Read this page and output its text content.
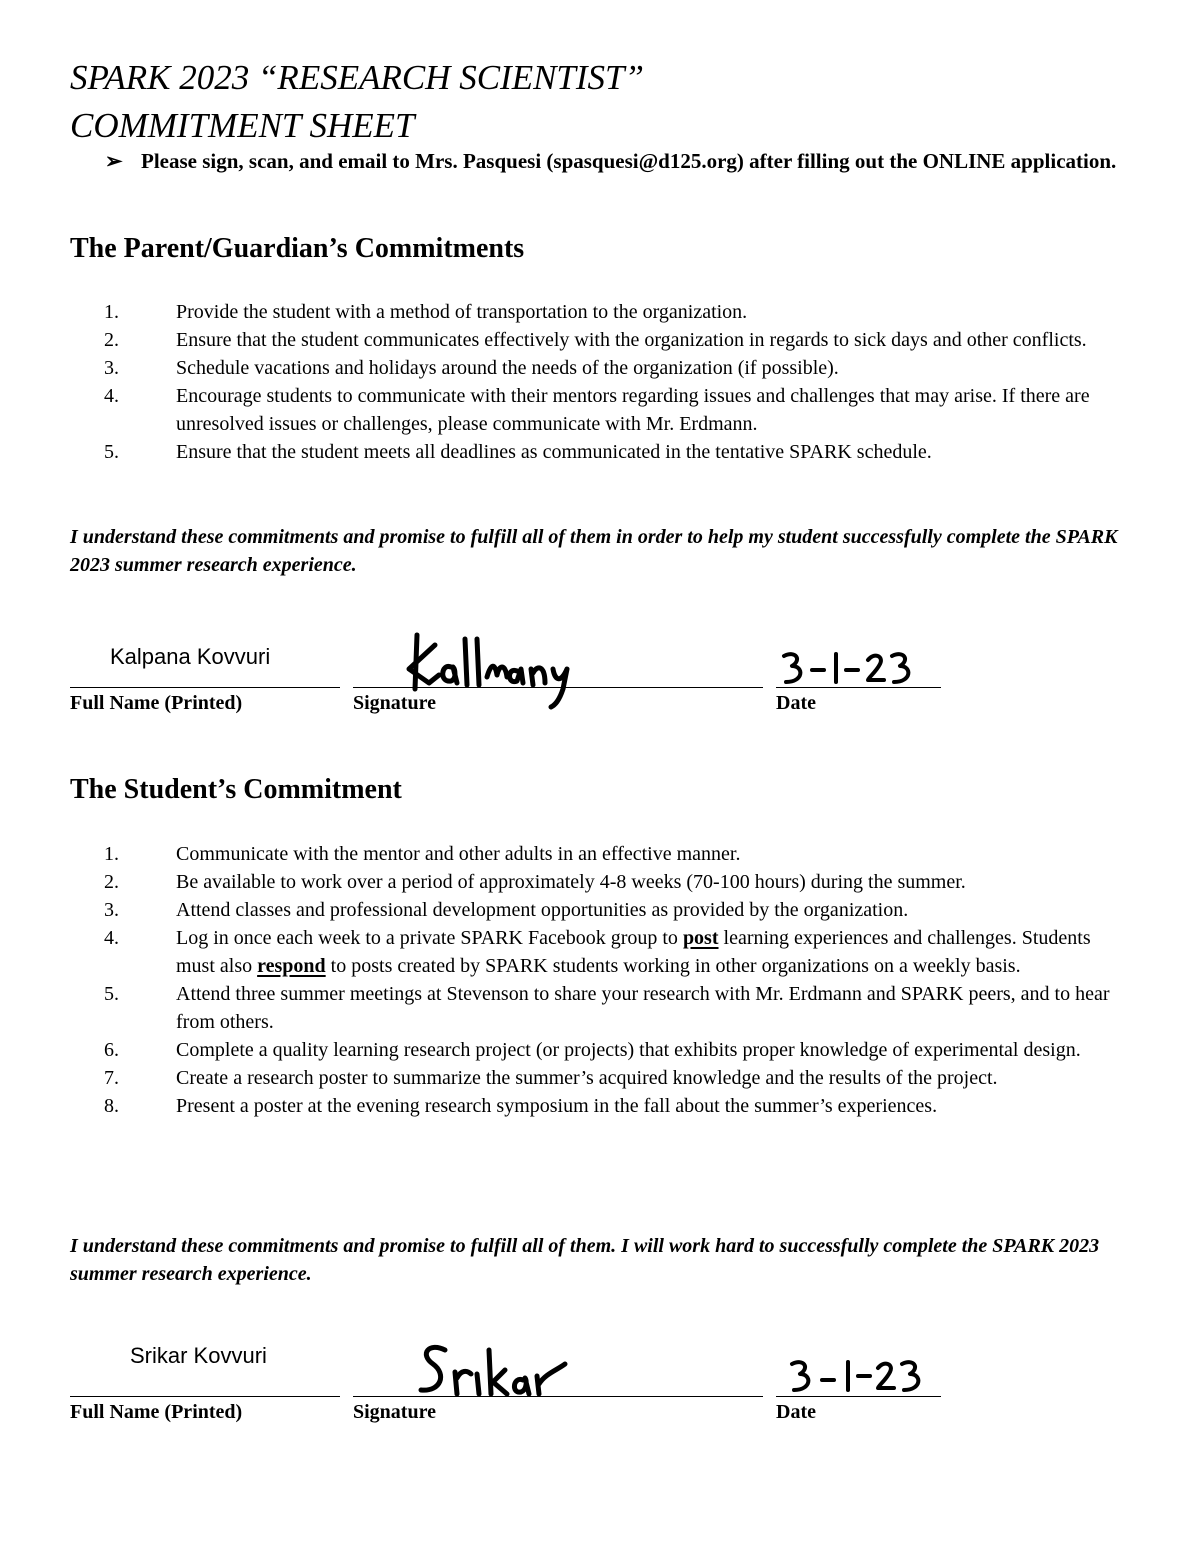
SPARK 2023 “RESEARCH SCIENTIST”
COMMITMENT SHEET
➢ Please sign, scan, and email to Mrs. Pasquesi (spasquesi@d125.org) after filling out the ONLINE application.
The Parent/Guardian’s Commitments
1.	Provide the student with a method of transportation to the organization.
2.	Ensure that the student communicates effectively with the organization in regards to sick days and other conflicts.
3.	Schedule vacations and holidays around the needs of the organization (if possible).
4.	Encourage students to communicate with their mentors regarding issues and challenges that may arise. If there are unresolved issues or challenges, please communicate with Mr. Erdmann.
5.	Ensure that the student meets all deadlines as communicated in the tentative SPARK schedule.
I understand these commitments and promise to fulfill all of them in order to help my student successfully complete the SPARK 2023 summer research experience.
Kalpana Kovvuri
Full Name (Printed)	Signature	Date
The Student’s Commitment
1.	Communicate with the mentor and other adults in an effective manner.
2.	Be available to work over a period of approximately 4-8 weeks (70-100 hours) during the summer.
3.	Attend classes and professional development opportunities as provided by the organization.
4.	Log in once each week to a private SPARK Facebook group to post learning experiences and challenges. Students must also respond to posts created by SPARK students working in other organizations on a weekly basis.
5.	Attend three summer meetings at Stevenson to share your research with Mr. Erdmann and SPARK peers, and to hear from others.
6.	Complete a quality learning research project (or projects) that exhibits proper knowledge of experimental design.
7.	Create a research poster to summarize the summer’s acquired knowledge and the results of the project.
8.	Present a poster at the evening research symposium in the fall about the summer’s experiences.
I understand these commitments and promise to fulfill all of them. I will work hard to successfully complete the SPARK 2023 summer research experience.
Srikar Kovvuri
Full Name (Printed)	Signature	Date
